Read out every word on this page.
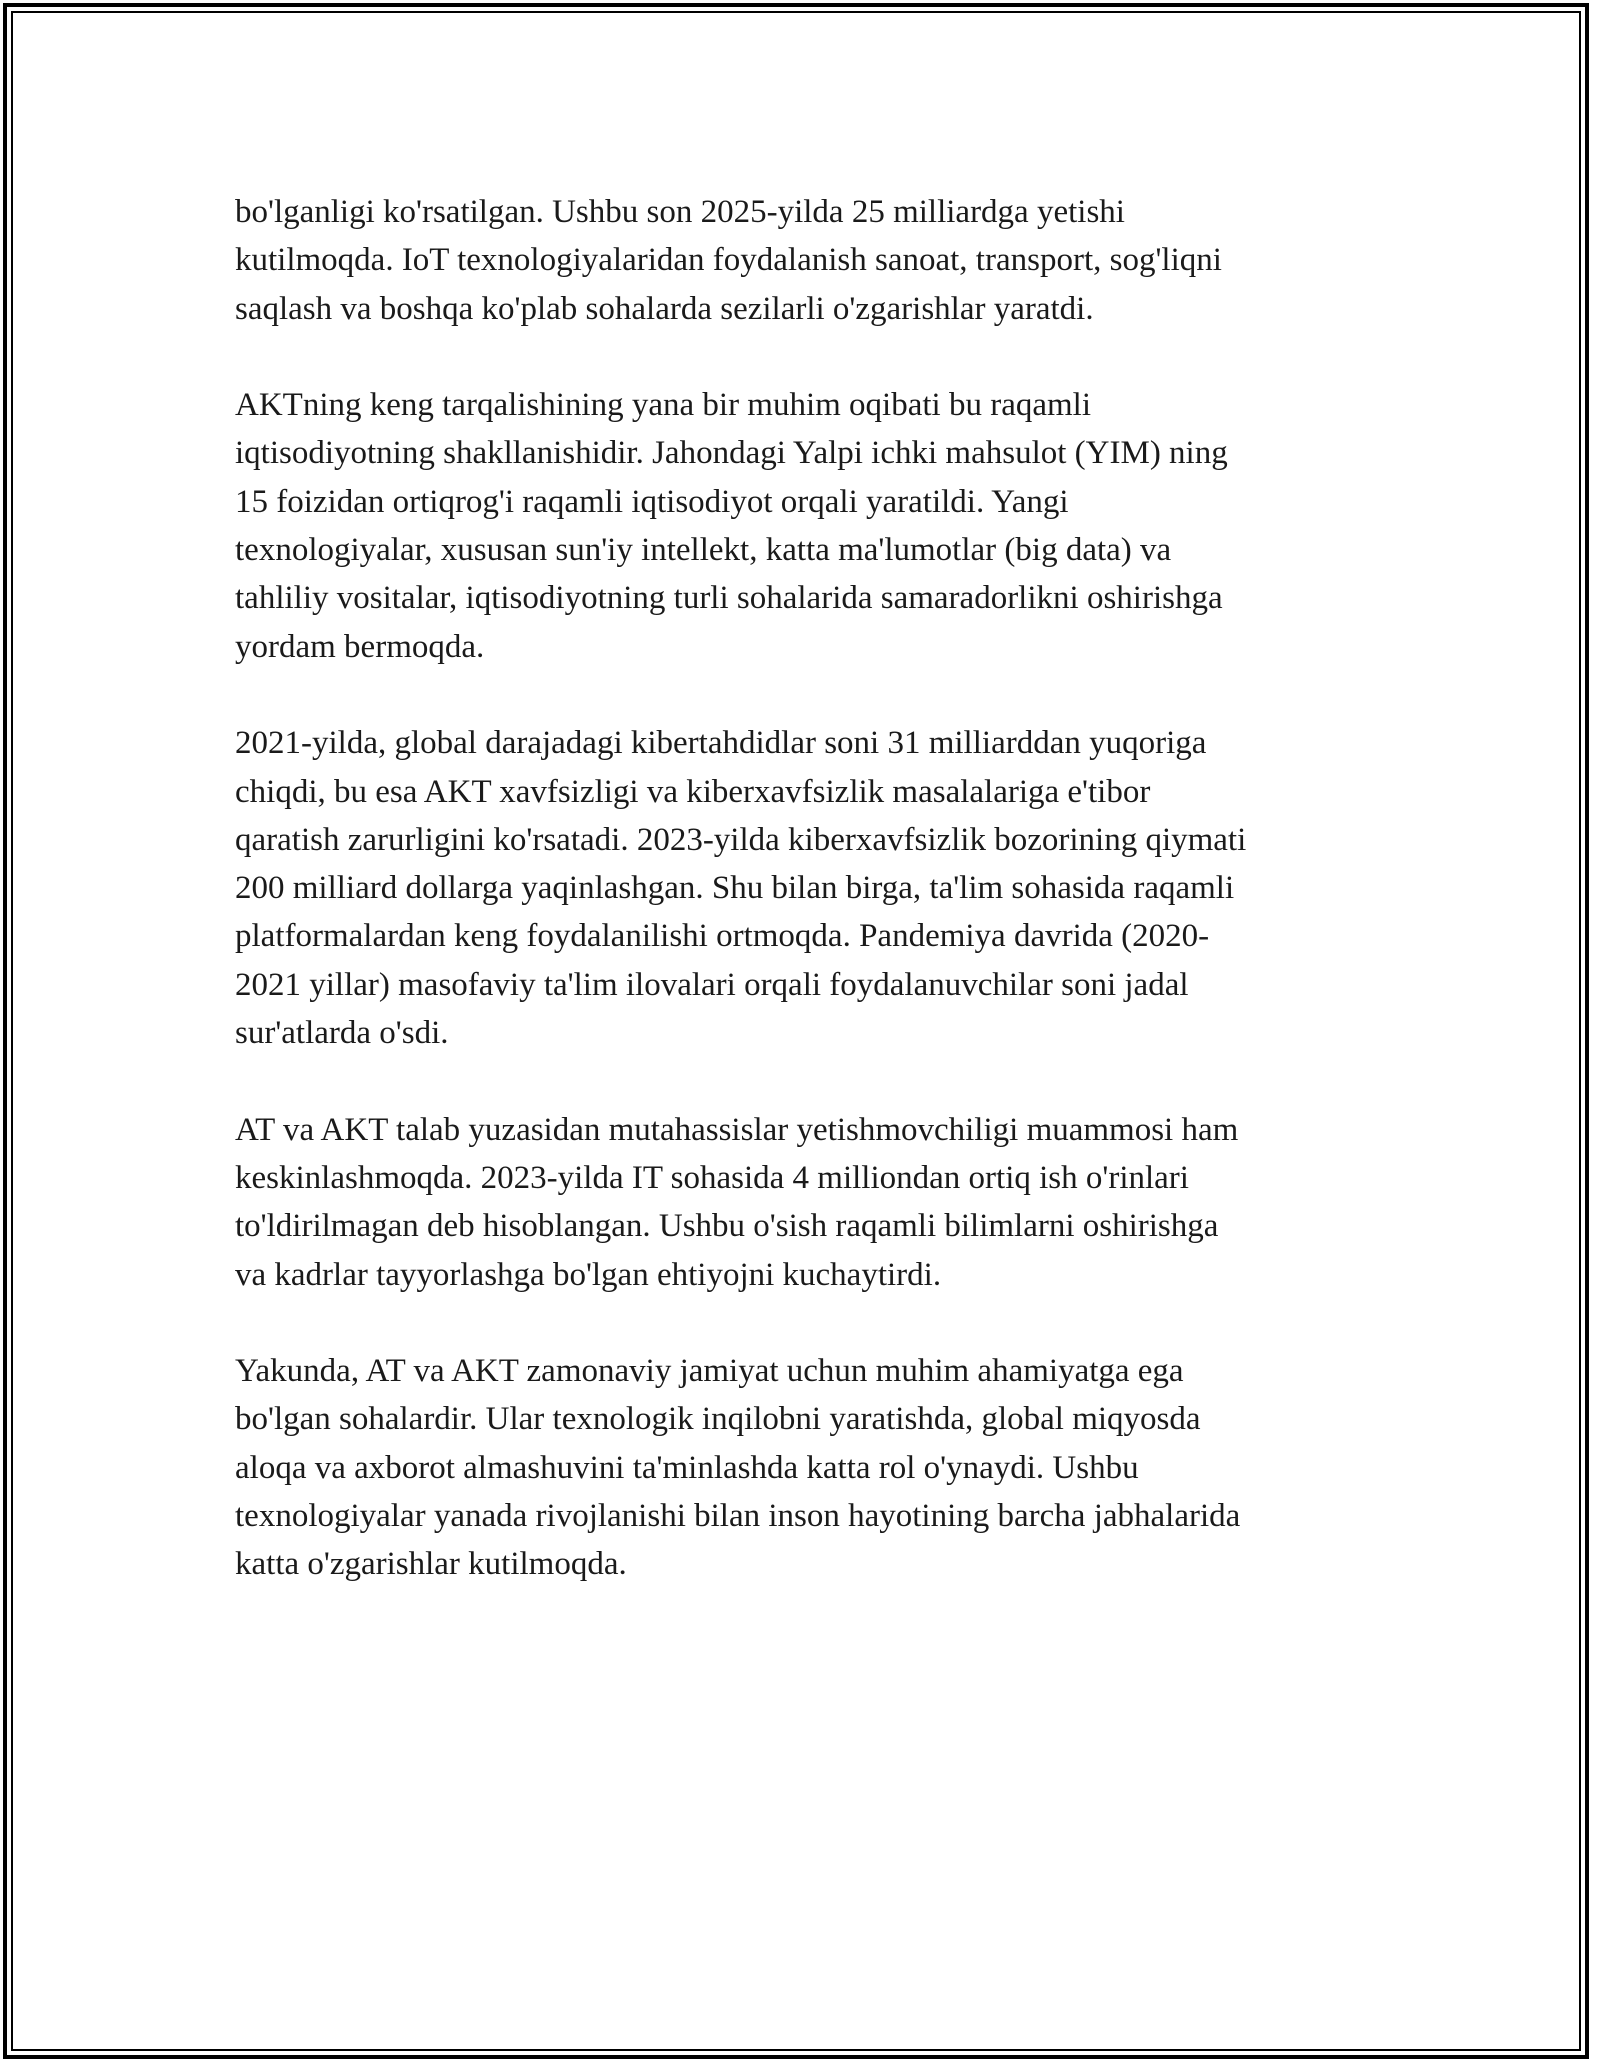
bo'lganligi ko'rsatilgan. Ushbu son 2025-yilda 25 milliardga yetishi
kutilmoqda. IoT texnologiyalaridan foydalanish sanoat, transport, sog'liqni
saqlash va boshqa ko'plab sohalarda sezilarli o'zgarishlar yaratdi.

AKTning keng tarqalishining yana bir muhim oqibati bu raqamli
iqtisodiyotning shakllanishidir. Jahondagi Yalpi ichki mahsulot (YIM) ning
15 foizidan ortiqrog'i raqamli iqtisodiyot orqali yaratildi. Yangi
texnologiyalar, xususan sun'iy intellekt, katta ma'lumotlar (big data) va
tahliliy vositalar, iqtisodiyotning turli sohalarida samaradorlikni oshirishga
yordam bermoqda.

2021-yilda, global darajadagi kibertahdidlar soni 31 milliarddan yuqoriga
chiqdi, bu esa AKT xavfsizligi va kiberxavfsizlik masalalariga e'tibor
qaratish zarurligini ko'rsatadi. 2023-yilda kiberxavfsizlik bozorining qiymati
200 milliard dollarga yaqinlashgan. Shu bilan birga, ta'lim sohasida raqamli
platformalardan keng foydalanilishi ortmoqda. Pandemiya davrida (2020-
2021 yillar) masofaviy ta'lim ilovalari orqali foydalanuvchilar soni jadal
sur'atlarda o'sdi.

AT va AKT talab yuzasidan mutahassislar yetishmovchiligi muammosi ham
keskinlashmoqda. 2023-yilda IT sohasida 4 milliondan ortiq ish o'rinlari
to'ldirilmagan deb hisoblangan. Ushbu o'sish raqamli bilimlarni oshirishga
va kadrlar tayyorlashga bo'lgan ehtiyojni kuchaytirdi.

Yakunda, AT va AKT zamonaviy jamiyat uchun muhim ahamiyatga ega
bo'lgan sohalardir. Ular texnologik inqilobni yaratishda, global miqyosda
aloqa va axborot almashuvini ta'minlashda katta rol o'ynaydi. Ushbu
texnologiyalar yanada rivojlanishi bilan inson hayotining barcha jabhalarida
katta o'zgarishlar kutilmoqda.
